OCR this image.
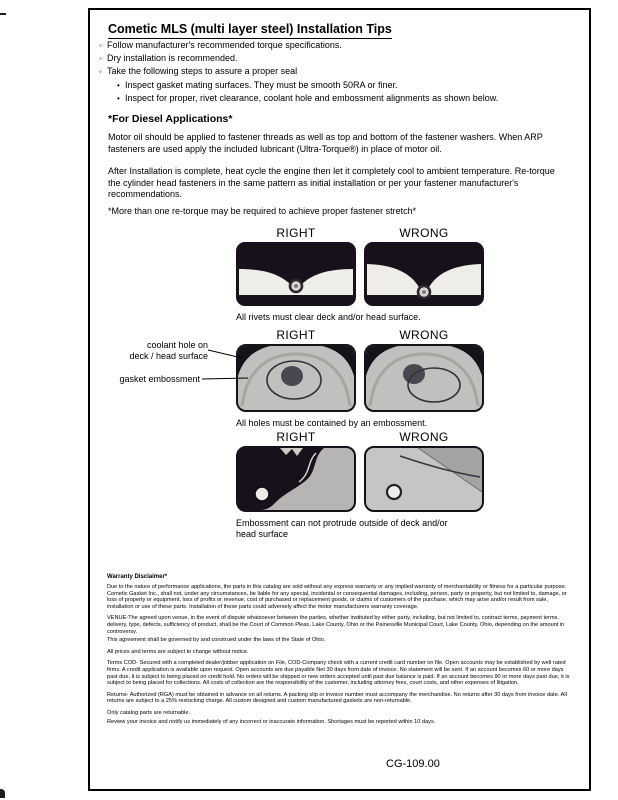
Cometic MLS (multi layer steel) Installation Tips
◦ Follow manufacturer's recommended torque specifications.
◦ Dry installation is recommended.
◦ Take the following steps to assure a proper seal
• Inspect gasket mating surfaces. They must be smooth 50RA or finer.
• Inspect for proper, rivet clearance, coolant hole and embossment alignments as shown below.
*For Diesel Applications*
Motor oil should be applied to fastener threads as well as top and bottom of the fastener washers. When ARP fasteners are used apply the included lubricant (Ultra-Torque®) in place of motor oil.
After Installation is complete, heat cycle the engine then let it completely cool to ambient temperature. Re-torque the cylinder head fasteners in the same pattern as initial installation or per your fastener manufacturer's recommendations.
*More than one re-torque may be required to achieve proper fastener stretch*
RIGHT	WRONG
All rivets must clear deck and/or head surface.
RIGHT	WRONG
All holes must be contained by an embossment.
coolant hole on
deck / head surface
gasket embossment
RIGHT	WRONG
Embossment can not protrude outside of deck and/or head surface
Warranty Disclaimer*
Due to the nature of performance applications, the parts in this catalog are sold without any express warranty or any implied warranty of merchantability or fitness for a particular purpose. Cometic Gasket Inc., shall not, under any circumstances, be liable for any special, incidental or consequential damages, including, person, party or property, but not limited to, damage, or loss of property or equipment, loss of profits or revenue, cost of purchased or replacement goods, or claims of customers of the purchase, which may arise and/or result from sale, installation or use of these parts. Installation of these parts could adversely affect the motor manufacturers warranty coverage.
VENUE-The agreed upon venue, in the event of dispute whatsoever between the parties, whether instituted by either party, including, but not limited to, contract terms, payment terms, delivery, type, defects, sufficiency of product, shall be the Court of Common Pleas, Lake County, Ohio or the Painesville Municipal Court, Lake County, Ohio, depending on the amount in controversy.
This agreement shall be governed by and construed under the laws of the State of Ohio.
All prices and terms are subject to change without notice.
Terms COD- Secured with a completed dealer/jobber application on File, COD-Company check with a current credit card number on file. Open accounts may be established by well rated firms. A credit application is available upon request. Open accounts are due payable Net 30 days from date of invoice. No statement will be sent. If an account becomes 60 or more days past due, it is subject to being placed on credit hold. No orders will be shipped or new orders accepted until past due balance is paid. If an account becomes 90 or more days past due, it is subject to being placed for collections. All costs of collection are the responsibility of the customer, including attorney fees, court costs, and other expenses of litigation.
Returns- Authorized (RGA) must be obtained in advance on all returns. A packing slip or invoice number must accompany the merchandise. No returns after 30 days from invoice date. All returns are subject to a 25% restocking charge. All custom designed and custom manufactured gaskets are non-returnable.
Only catalog parts are returnable.
Review your invoice and notify us immediately of any incorrect or inaccurate information. Shortages must be reported within 10 days.
CG-109.00
